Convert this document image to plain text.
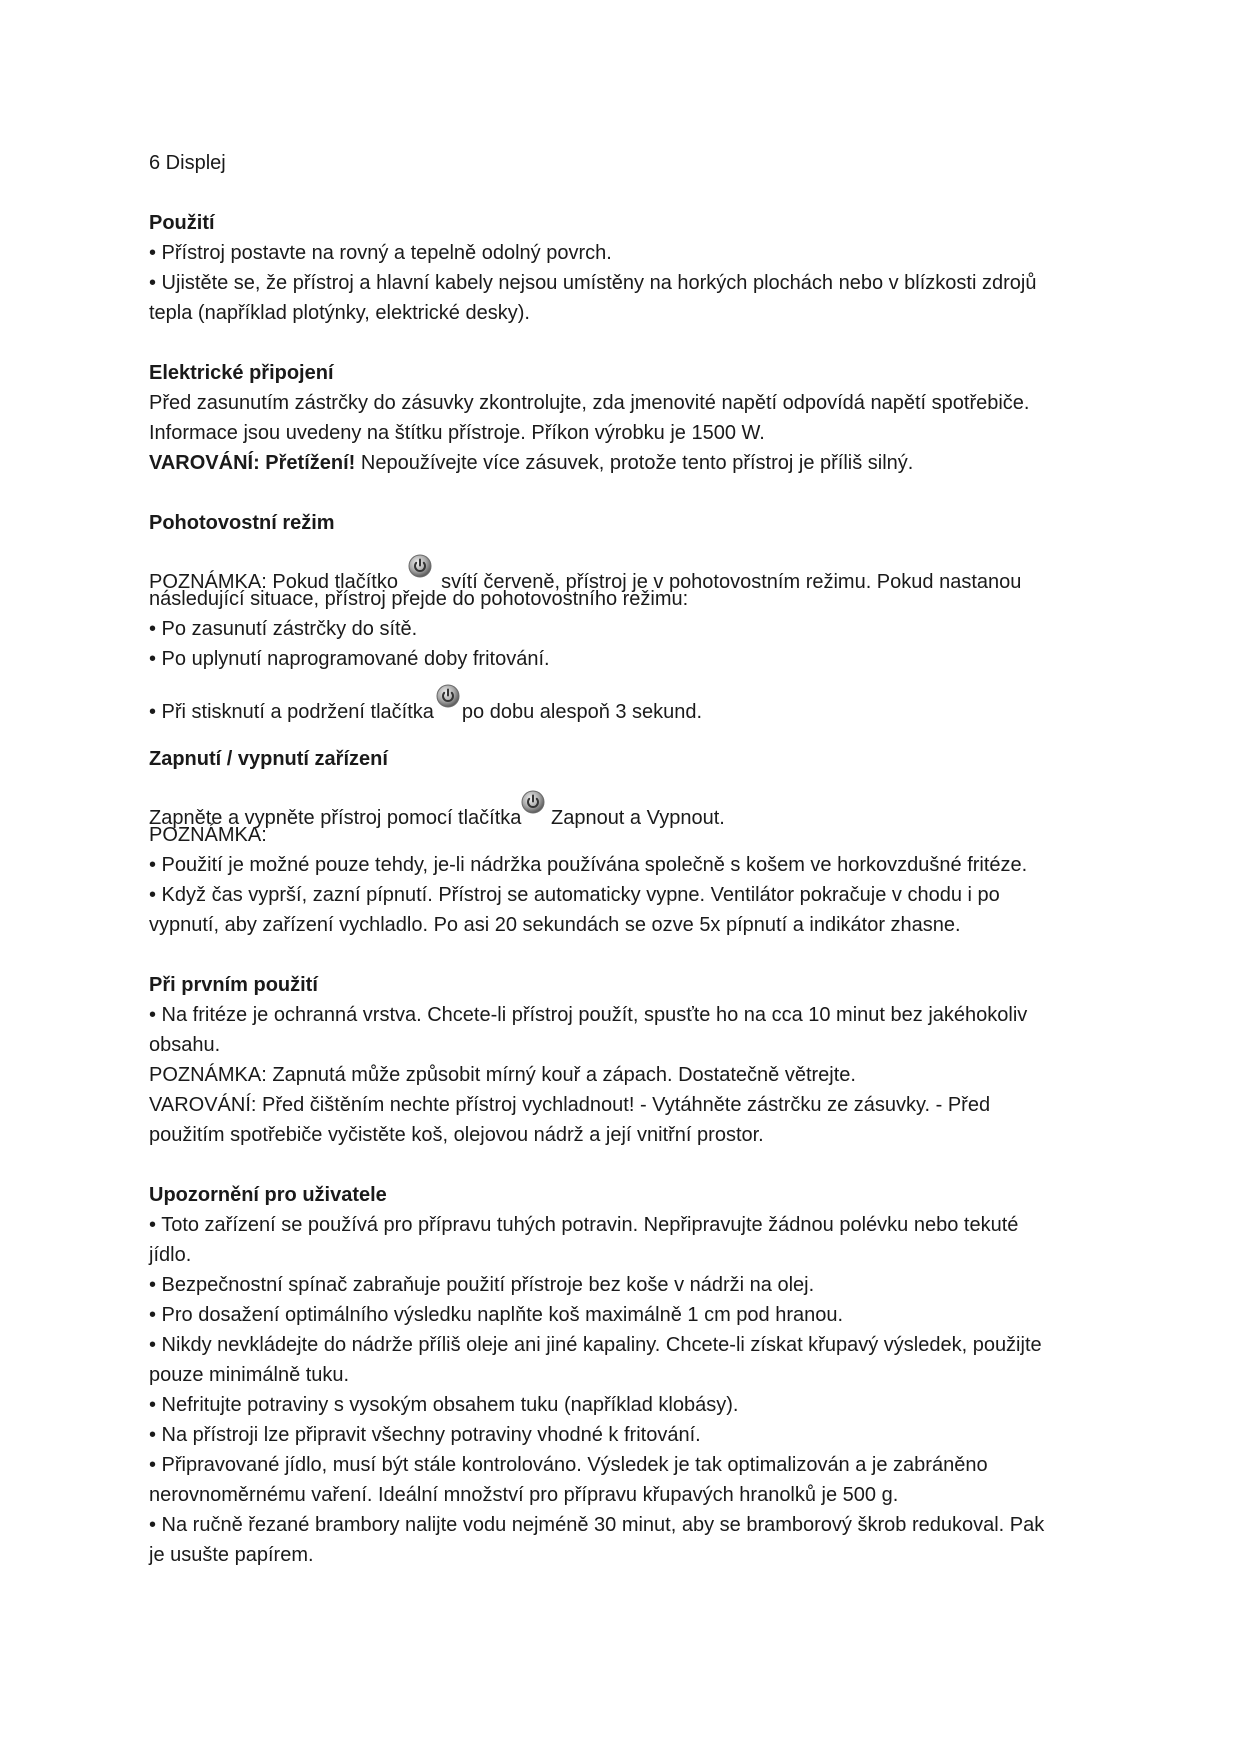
6 Displej
Použití
• Přístroj postavte na rovný a tepelně odolný povrch.
• Ujistěte se, že přístroj a hlavní kabely nejsou umístěny na horkých plochách nebo v blízkosti zdrojů
tepla (například plotýnky, elektrické desky).
Elektrické připojení
Před zasunutím zástrčky do zásuvky zkontrolujte, zda jmenovité napětí odpovídá napětí spotřebiče.
Informace jsou uvedeny na štítku přístroje. Příkon výrobku je 1500 W.
VAROVÁNÍ: Přetížení! Nepoužívejte více zásuvek, protože tento přístroj je příliš silný.
Pohotovostní režim
POZNÁMKA: Pokud tlačítko
svítí červeně, přístroj je v pohotovostním režimu. Pokud nastanou
následující situace, přístroj přejde do pohotovostního režimu:
• Po zasunutí zástrčky do sítě.
• Po uplynutí naprogramované doby fritování.
• Při stisknutí a podržení tlačítka po dobu alespoň 3 sekund.
Zapnutí / vypnutí zařízení
Zapněte a vypněte přístroj pomocí tlačítka
Zapnout a Vypnout.
POZNÁMKA:
• Použití je možné pouze tehdy, je-li nádržka používána společně s košem ve horkovzdušné fritéze.
• Když čas vyprší, zazní pípnutí. Přístroj se automaticky vypne. Ventilátor pokračuje v chodu i po
vypnutí, aby zařízení vychladlo. Po asi 20 sekundách se ozve 5x pípnutí a indikátor zhasne.
Při prvním použití
• Na fritéze je ochranná vrstva. Chcete-li přístroj použít, spusťte ho na cca 10 minut bez jakéhokoliv
obsahu.
POZNÁMKA: Zapnutá může způsobit mírný kouř a zápach. Dostatečně větrejte.
VAROVÁNÍ: Před čištěním nechte přístroj vychladnout! - Vytáhněte zástrčku ze zásuvky. - Před
použitím spotřebiče vyčistěte koš, olejovou nádrž a její vnitřní prostor.
Upozornění pro uživatele
• Toto zařízení se používá pro přípravu tuhých potravin. Nepřipravujte žádnou polévku nebo tekuté
jídlo.
• Bezpečnostní spínač zabraňuje použití přístroje bez koše v nádrži na olej.
• Pro dosažení optimálního výsledku naplňte koš maximálně 1 cm pod hranou.
• Nikdy nevkládejte do nádrže příliš oleje ani jiné kapaliny. Chcete-li získat křupavý výsledek, použijte
pouze minimálně tuku.
• Nefritujte potraviny s vysokým obsahem tuku (například klobásy).
• Na přístroji lze připravit všechny potraviny vhodné k fritování.
• Připravované jídlo, musí být stále kontrolováno. Výsledek je tak optimalizován a je zabráněno
nerovnoměrnému vaření. Ideální množství pro přípravu křupavých hranolků je 500 g.
• Na ručně řezané brambory nalijte vodu nejméně 30 minut, aby se bramborový škrob redukoval. Pak
je usušte papírem.
